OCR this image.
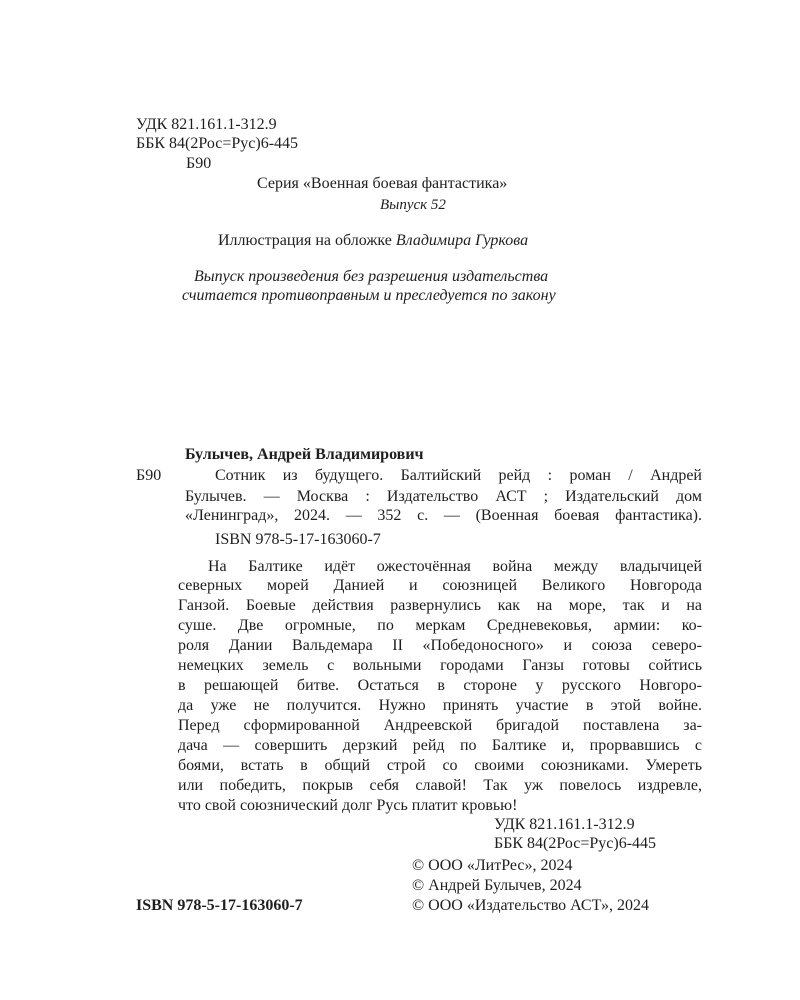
УДК 821.161.1-312.9
ББК 84(2Рос=Рус)6-445
Б90
Серия «Военная боевая фантастика»
Выпуск 52
Иллюстрация на обложке Владимира Гуркова
Выпуск произведения без разрешения издательства
считается противоправным и преследуется по закону
Булычев, Андрей Владимирович
Б90	Сотник из будущего. Балтийский рейд : роман / Андрей
Булычев. — Москва : Издательство АСТ ; Издательский дом
«Ленинград», 2024. — 352 с. — (Военная боевая фантастика).
ISBN 978-5-17-163060-7
На Балтике идёт ожесточённая война между владычицей
северных морей Данией и союзницей Великого Новгорода
Ганзой. Боевые действия развернулись как на море, так и на
суше. Две огромные, по меркам Средневековья, армии: ко-
роля Дании Вальдемара II «Победоносного» и союза северо-
немецких земель с вольными городами Ганзы готовы сойтись
в решающей битве. Остаться в стороне у русского Новгоро-
да уже не получится. Нужно принять участие в этой войне.
Перед сформированной Андреевской бригадой поставлена за-
дача — совершить дерзкий рейд по Балтике и, прорвавшись с
боями, встать в общий строй со своими союзниками. Умереть
или победить, покрыв себя славой! Так уж повелось издревле,
что свой союзнический долг Русь платит кровью!
УДК 821.161.1-312.9
ББК 84(2Рос=Рус)6-445
© ООО «ЛитРес», 2024
© Андрей Булычев, 2024
© ООО «Издательство АСТ», 2024
ISBN 978-5-17-163060-7
